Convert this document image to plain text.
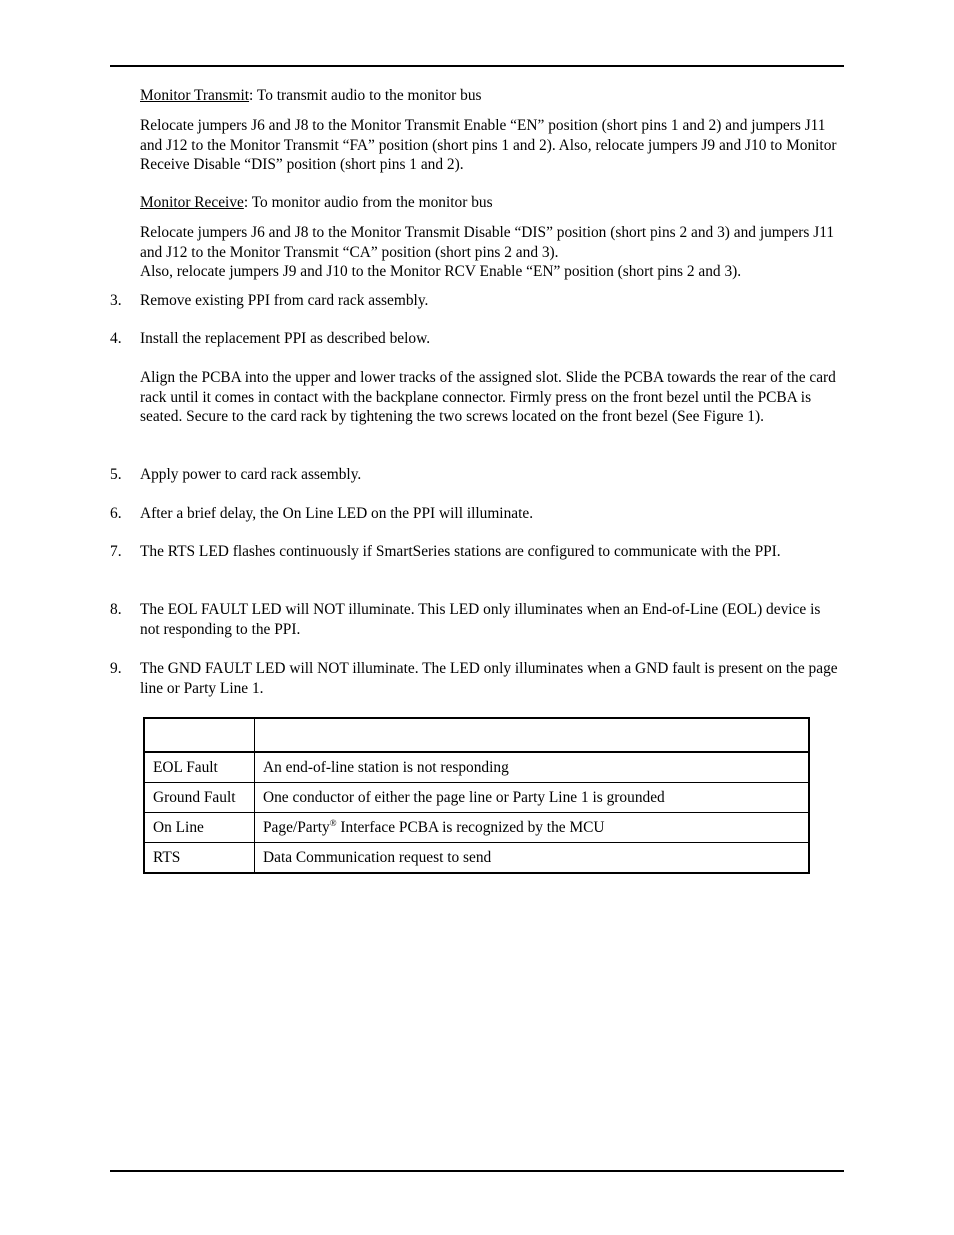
Monitor Transmit: To transmit audio to the monitor bus

Relocate jumpers J6 and J8 to the Monitor Transmit Enable “EN” position (short pins 1 and 2) and jumpers J11 and J12 to the Monitor Transmit “FA” position (short pins 1 and 2). Also, relocate jumpers J9 and J10 to Monitor Receive Disable “DIS” position (short pins 1 and 2).

Monitor Receive: To monitor audio from the monitor bus

Relocate jumpers J6 and J8 to the Monitor Transmit Disable “DIS” position (short pins 2 and 3) and jumpers J11 and J12 to the Monitor Transmit “CA” position (short pins 2 and 3).
Also, relocate jumpers J9 and J10 to the Monitor RCV Enable “EN” position (short pins 2 and 3).
3. Remove existing PPI from card rack assembly.

4. Install the replacement PPI as described below.

Align the PCBA into the upper and lower tracks of the assigned slot. Slide the PCBA towards the rear of the card rack until it comes in contact with the backplane connector. Firmly press on the front bezel until the PCBA is seated. Secure to the card rack by tightening the two screws located on the front bezel (See Figure 1).

5. Apply power to card rack assembly.

6. After a brief delay, the On Line LED on the PPI will illuminate.

7. The RTS LED flashes continuously if SmartSeries stations are configured to communicate with the PPI.

8. The EOL FAULT LED will NOT illuminate. This LED only illuminates when an End-of-Line (EOL) device is not responding to the PPI.

9. The GND FAULT LED will NOT illuminate. The LED only illuminates when a GND fault is present on the page line or Party Line 1.

EOL Fault	An end-of-line station is not responding
Ground Fault	One conductor of either the page line or Party Line 1 is grounded
On Line	Page/Party® Interface PCBA is recognized by the MCU
RTS	Data Communication request to send
